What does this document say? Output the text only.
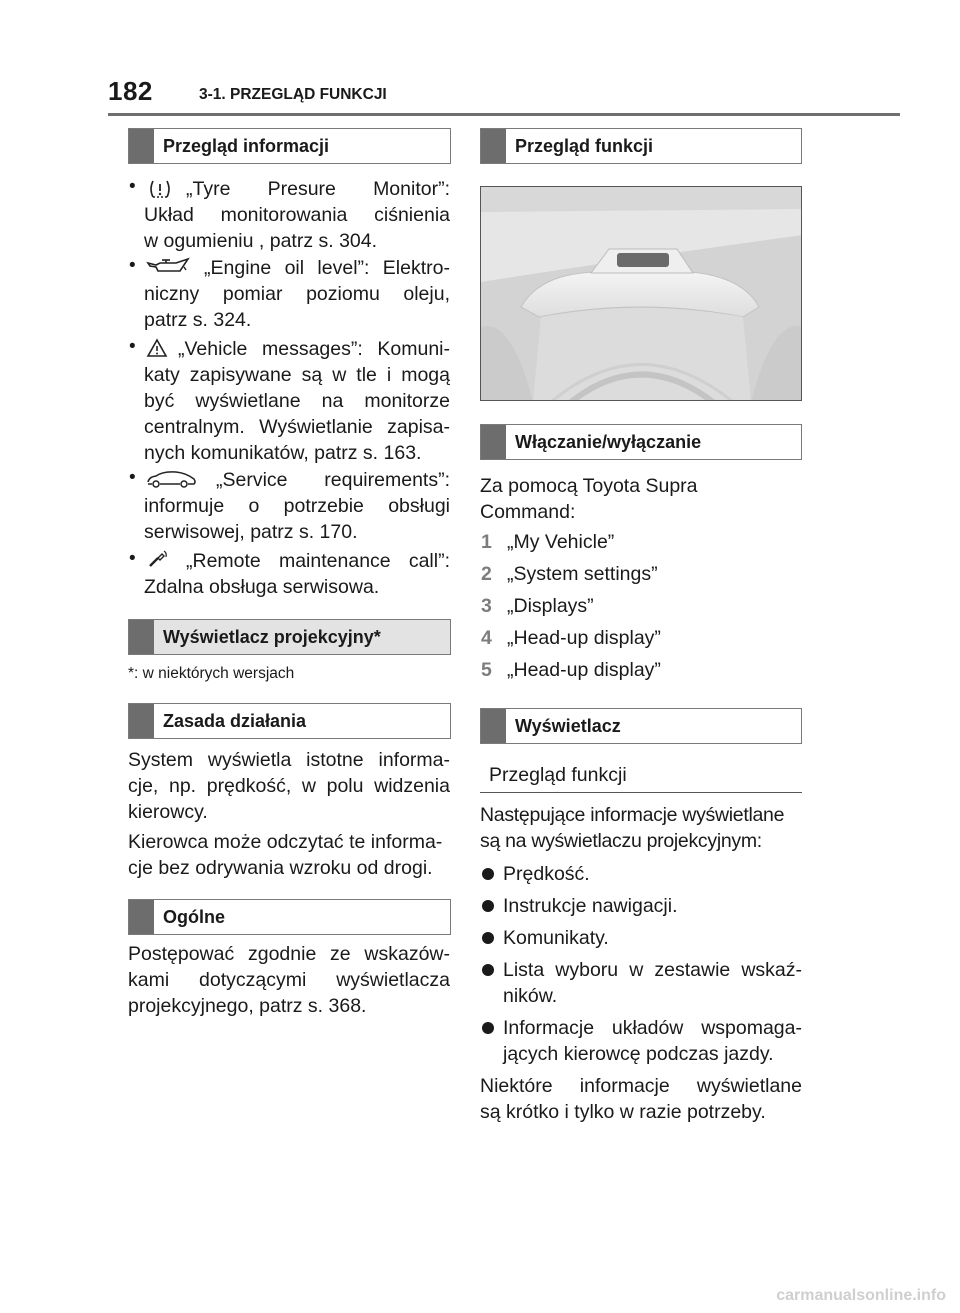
182	3-1. PRZEGLĄD FUNKCJI
Przegląd informacji
•	„Tyre Presure Monitor”:
Układ monitorowania ciśnienia
w ogumieniu , patrz s. 304.
•	„Engine oil level”: Elektro-
niczny pomiar poziomu oleju,
patrz s. 324.
•	„Vehicle messages”: Komuni-
katy zapisywane są w tle i mogą
być wyświetlane na monitorze
centralnym. Wyświetlanie zapisa-
nych komunikatów, patrz s. 163.
•	„Service requirements”:
informuje o potrzebie obsługi
serwisowej, patrz s. 170.
•	„Remote maintenance call”:
Zdalna obsługa serwisowa.
Wyświetlacz projekcyjny*
*: w niektórych wersjach
Zasada działania
System wyświetla istotne informa-
cje, np. prędkość, w polu widzenia
kierowcy.
Kierowca może odczytać te informa-
cje bez odrywania wzroku od drogi.
Ogólne
Postępować zgodnie ze wskazów-
kami dotyczącymi wyświetlacza
projekcyjnego, patrz s. 368.
Przegląd funkcji
Włączanie/wyłączanie
Za pomocą Toyota Supra
Command:
1 „My Vehicle”
2 „System settings”
3 „Displays”
4 „Head-up display”
5 „Head-up display”
Wyświetlacz
Przegląd funkcji
Następujące informacje wyświetlane
są na wyświetlaczu projekcyjnym:
Prędkość.
Instrukcje nawigacji.
Komunikaty.
Lista wyboru w zestawie wskaź-
ników.
Informacje układów wspomaga-
jących kierowcę podczas jazdy.
Niektóre informacje wyświetlane
są krótko i tylko w razie potrzeby.
carmanualsonline.info
